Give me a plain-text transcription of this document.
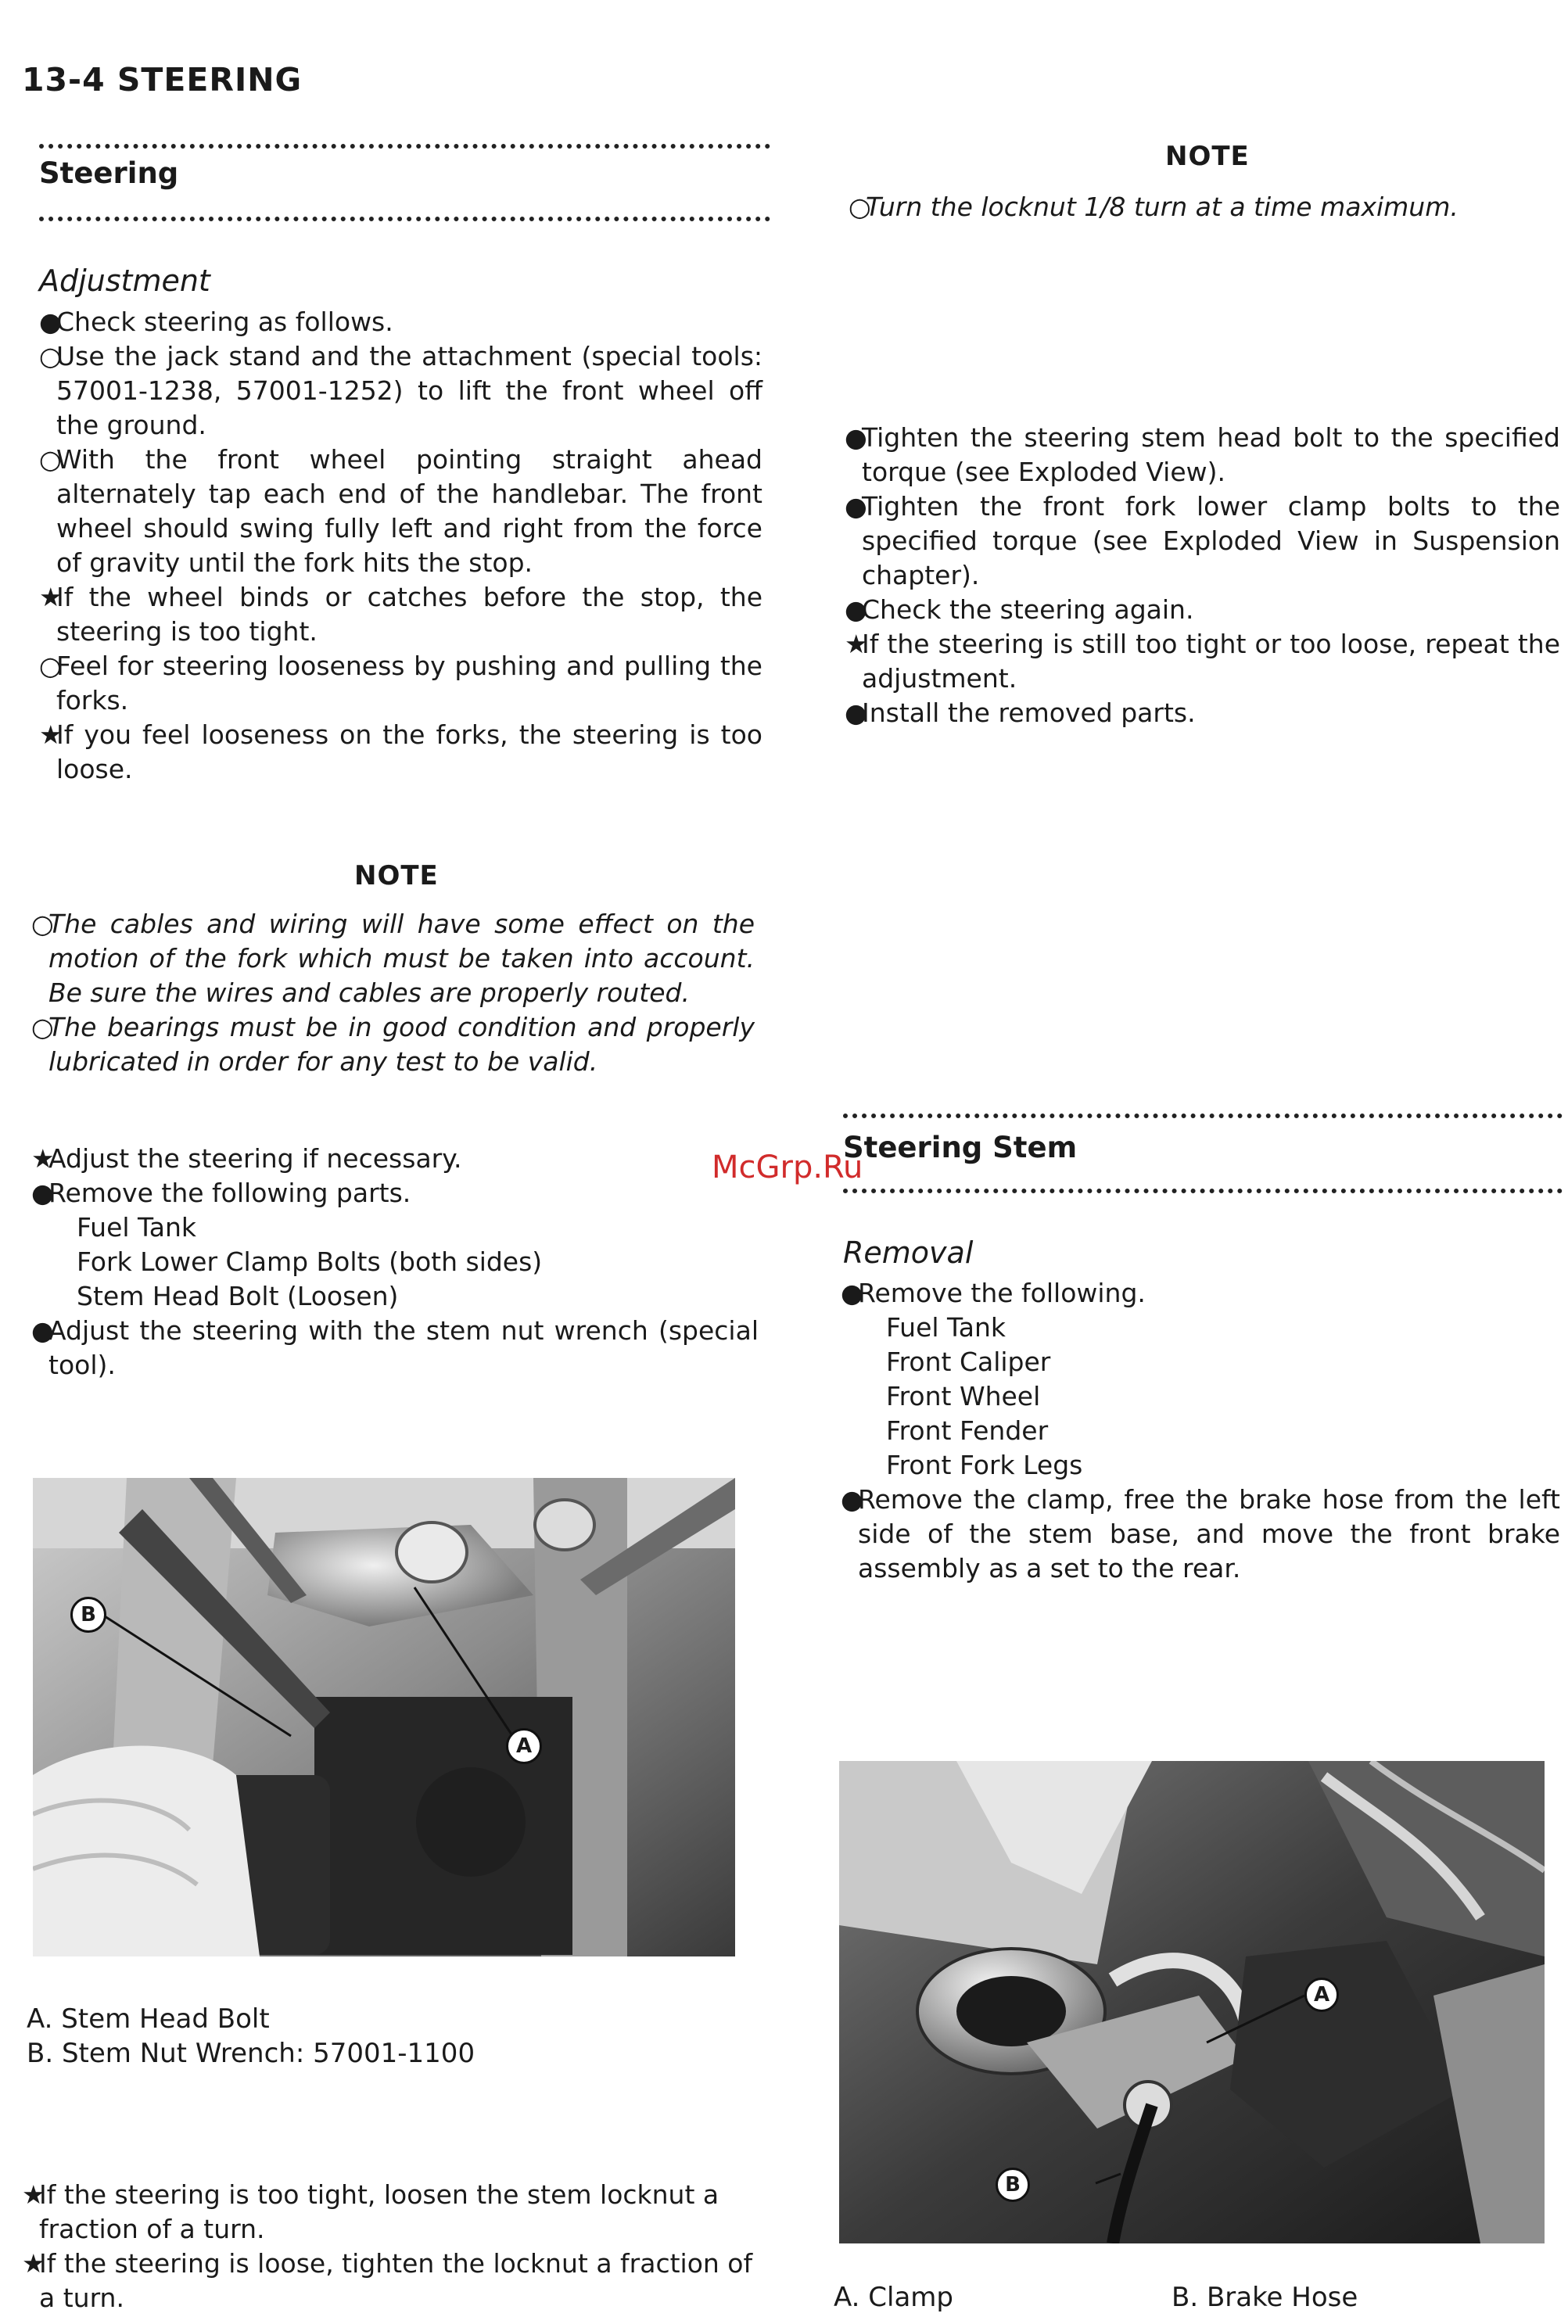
13-4 STEERING
Steering
Adjustment
●
Check steering as follows.
○
Use the jack stand and the attachment (special tools: 57001-1238, 57001-1252) to lift the front wheel off the ground.
○
With the front wheel pointing straight ahead alternately tap each end of the handlebar. The front wheel should swing fully left and right from the force of gravity until the fork hits the stop.
★
If the wheel binds or catches before the stop, the steering is too tight.
○
Feel for steering looseness by pushing and pulling the forks.
★
If you feel looseness on the forks, the steering is too loose.
NOTE
○
The cables and wiring will have some effect on the motion of the fork which must be taken into account. Be sure the wires and cables are properly routed.
○
The bearings must be in good condition and properly lubricated in order for any test to be valid.
★
Adjust the steering if necessary.
●
Remove the following parts.
Fuel Tank
Fork Lower Clamp Bolts (both sides)
Stem Head Bolt (Loosen)
●
Adjust the steering with the stem nut wrench (special tool).
B
A
A. Stem Head Bolt
B. Stem Nut Wrench: 57001-1100
★
If the steering is too tight, loosen the stem locknut a fraction of a turn.
★
If the steering is loose, tighten the locknut a fraction of a turn.
NOTE
○
Turn the locknut 1/8 turn at a time maximum.
●
Tighten the steering stem head bolt to the specified torque (see Exploded View).
●
Tighten the front fork lower clamp bolts to the specified torque (see Exploded View in Suspension chapter).
●
Check the steering again.
★
If the steering is still too tight or too loose, repeat the adjustment.
●
Install the removed parts.
Steering Stem
McGrp.Ru
Removal
●
Remove the following.
Fuel Tank
Front Caliper
Front Wheel
Front Fender
Front Fork Legs
●
Remove the clamp, free the brake hose from the left side of the stem base, and move the front brake assembly as a set to the rear.
A
B
A. Clamp	B. Brake Hose
